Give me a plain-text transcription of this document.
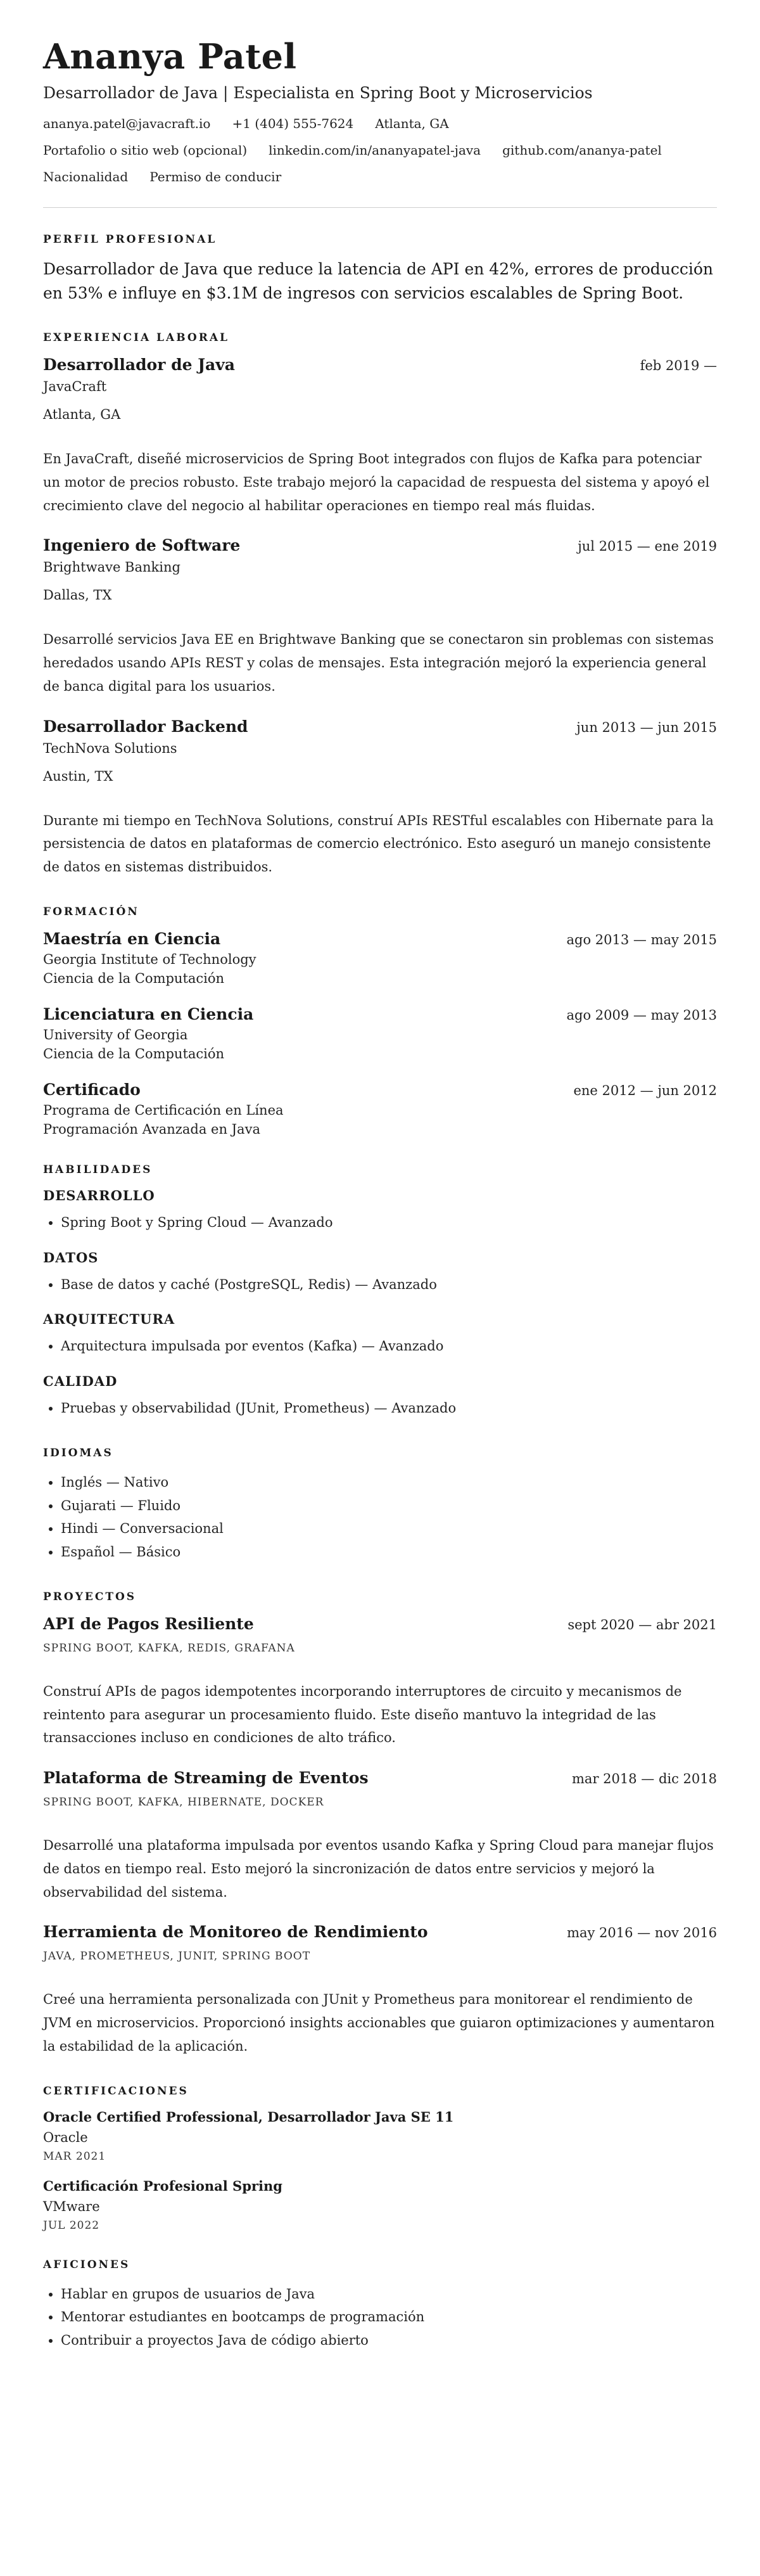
Ananya Patel

Desarrollador de Java | Especialista en Spring Boot y Microservicios

ananya.patel@javacraft.io +1 (404) 555-7624 Atlanta, GA
Portafolio o sitio web (opcional) linkedin.com/in/ananyapatel-java github.com/ananya-patel
Nacionalidad Permiso de conducir
PERFIL PROFESIONAL

Desarrollador de Java que reduce la latencia de API en 42%, errores de producción en 53% e influye en $3.1M de ingresos con servicios escalables de Spring Boot.

EXPERIENCIA LABORAL
Desarrollador de Java	feb 2019 —
JavaCraft
Atlanta, GA
En JavaCraft, diseñé microservicios de Spring Boot integrados con flujos de Kafka para potenciar un motor de precios robusto. Este trabajo mejoró la capacidad de respuesta del sistema y apoyó el crecimiento clave del negocio al habilitar operaciones en tiempo real más fluidas.
Ingeniero de Software	jul 2015 — ene 2019
Brightwave Banking
Dallas, TX
Desarrollé servicios Java EE en Brightwave Banking que se conectaron sin problemas con sistemas heredados usando APIs REST y colas de mensajes. Esta integración mejoró la experiencia general de banca digital para los usuarios.
Desarrollador Backend	jun 2013 — jun 2015
TechNova Solutions
Austin, TX
Durante mi tiempo en TechNova Solutions, construí APIs RESTful escalables con Hibernate para la persistencia de datos en plataformas de comercio electrónico. Esto aseguró un manejo consistente de datos en sistemas distribuidos.
FORMACIÓN
Maestría en Ciencia	ago 2013 — may 2015
Georgia Institute of Technology
Ciencia de la Computación
Licenciatura en Ciencia	ago 2009 — may 2013
University of Georgia
Ciencia de la Computación
Certificado	ene 2012 — jun 2012
Programa de Certificación en Línea
Programación Avanzada en Java
HABILIDADES
DESARROLLO
• Spring Boot y Spring Cloud — Avanzado
DATOS
• Base de datos y caché (PostgreSQL, Redis) — Avanzado
ARQUITECTURA
• Arquitectura impulsada por eventos (Kafka) — Avanzado
CALIDAD
• Pruebas y observabilidad (JUnit, Prometheus) — Avanzado
IDIOMAS
• Inglés — Nativo
• Gujarati — Fluido
• Hindi — Conversacional
• Español — Básico
PROYECTOS
API de Pagos Resiliente	sept 2020 — abr 2021
SPRING BOOT, KAFKA, REDIS, GRAFANA
Construí APIs de pagos idempotentes incorporando interruptores de circuito y mecanismos de reintento para asegurar un procesamiento fluido. Este diseño mantuvo la integridad de las transacciones incluso en condiciones de alto tráfico.
Plataforma de Streaming de Eventos	mar 2018 — dic 2018
SPRING BOOT, KAFKA, HIBERNATE, DOCKER
Desarrollé una plataforma impulsada por eventos usando Kafka y Spring Cloud para manejar flujos de datos en tiempo real. Esto mejoró la sincronización de datos entre servicios y mejoró la observabilidad del sistema.
Herramienta de Monitoreo de Rendimiento	may 2016 — nov 2016
JAVA, PROMETHEUS, JUNIT, SPRING BOOT
Creé una herramienta personalizada con JUnit y Prometheus para monitorear el rendimiento de JVM en microservicios. Proporcionó insights accionables que guiaron optimizaciones y aumentaron la estabilidad de la aplicación.
CERTIFICACIONES
Oracle Certified Professional, Desarrollador Java SE 11
Oracle
MAR 2021
Certificación Profesional Spring
VMware
JUL 2022
AFICIONES
• Hablar en grupos de usuarios de Java
• Mentorar estudiantes en bootcamps de programación
• Contribuir a proyectos Java de código abierto
